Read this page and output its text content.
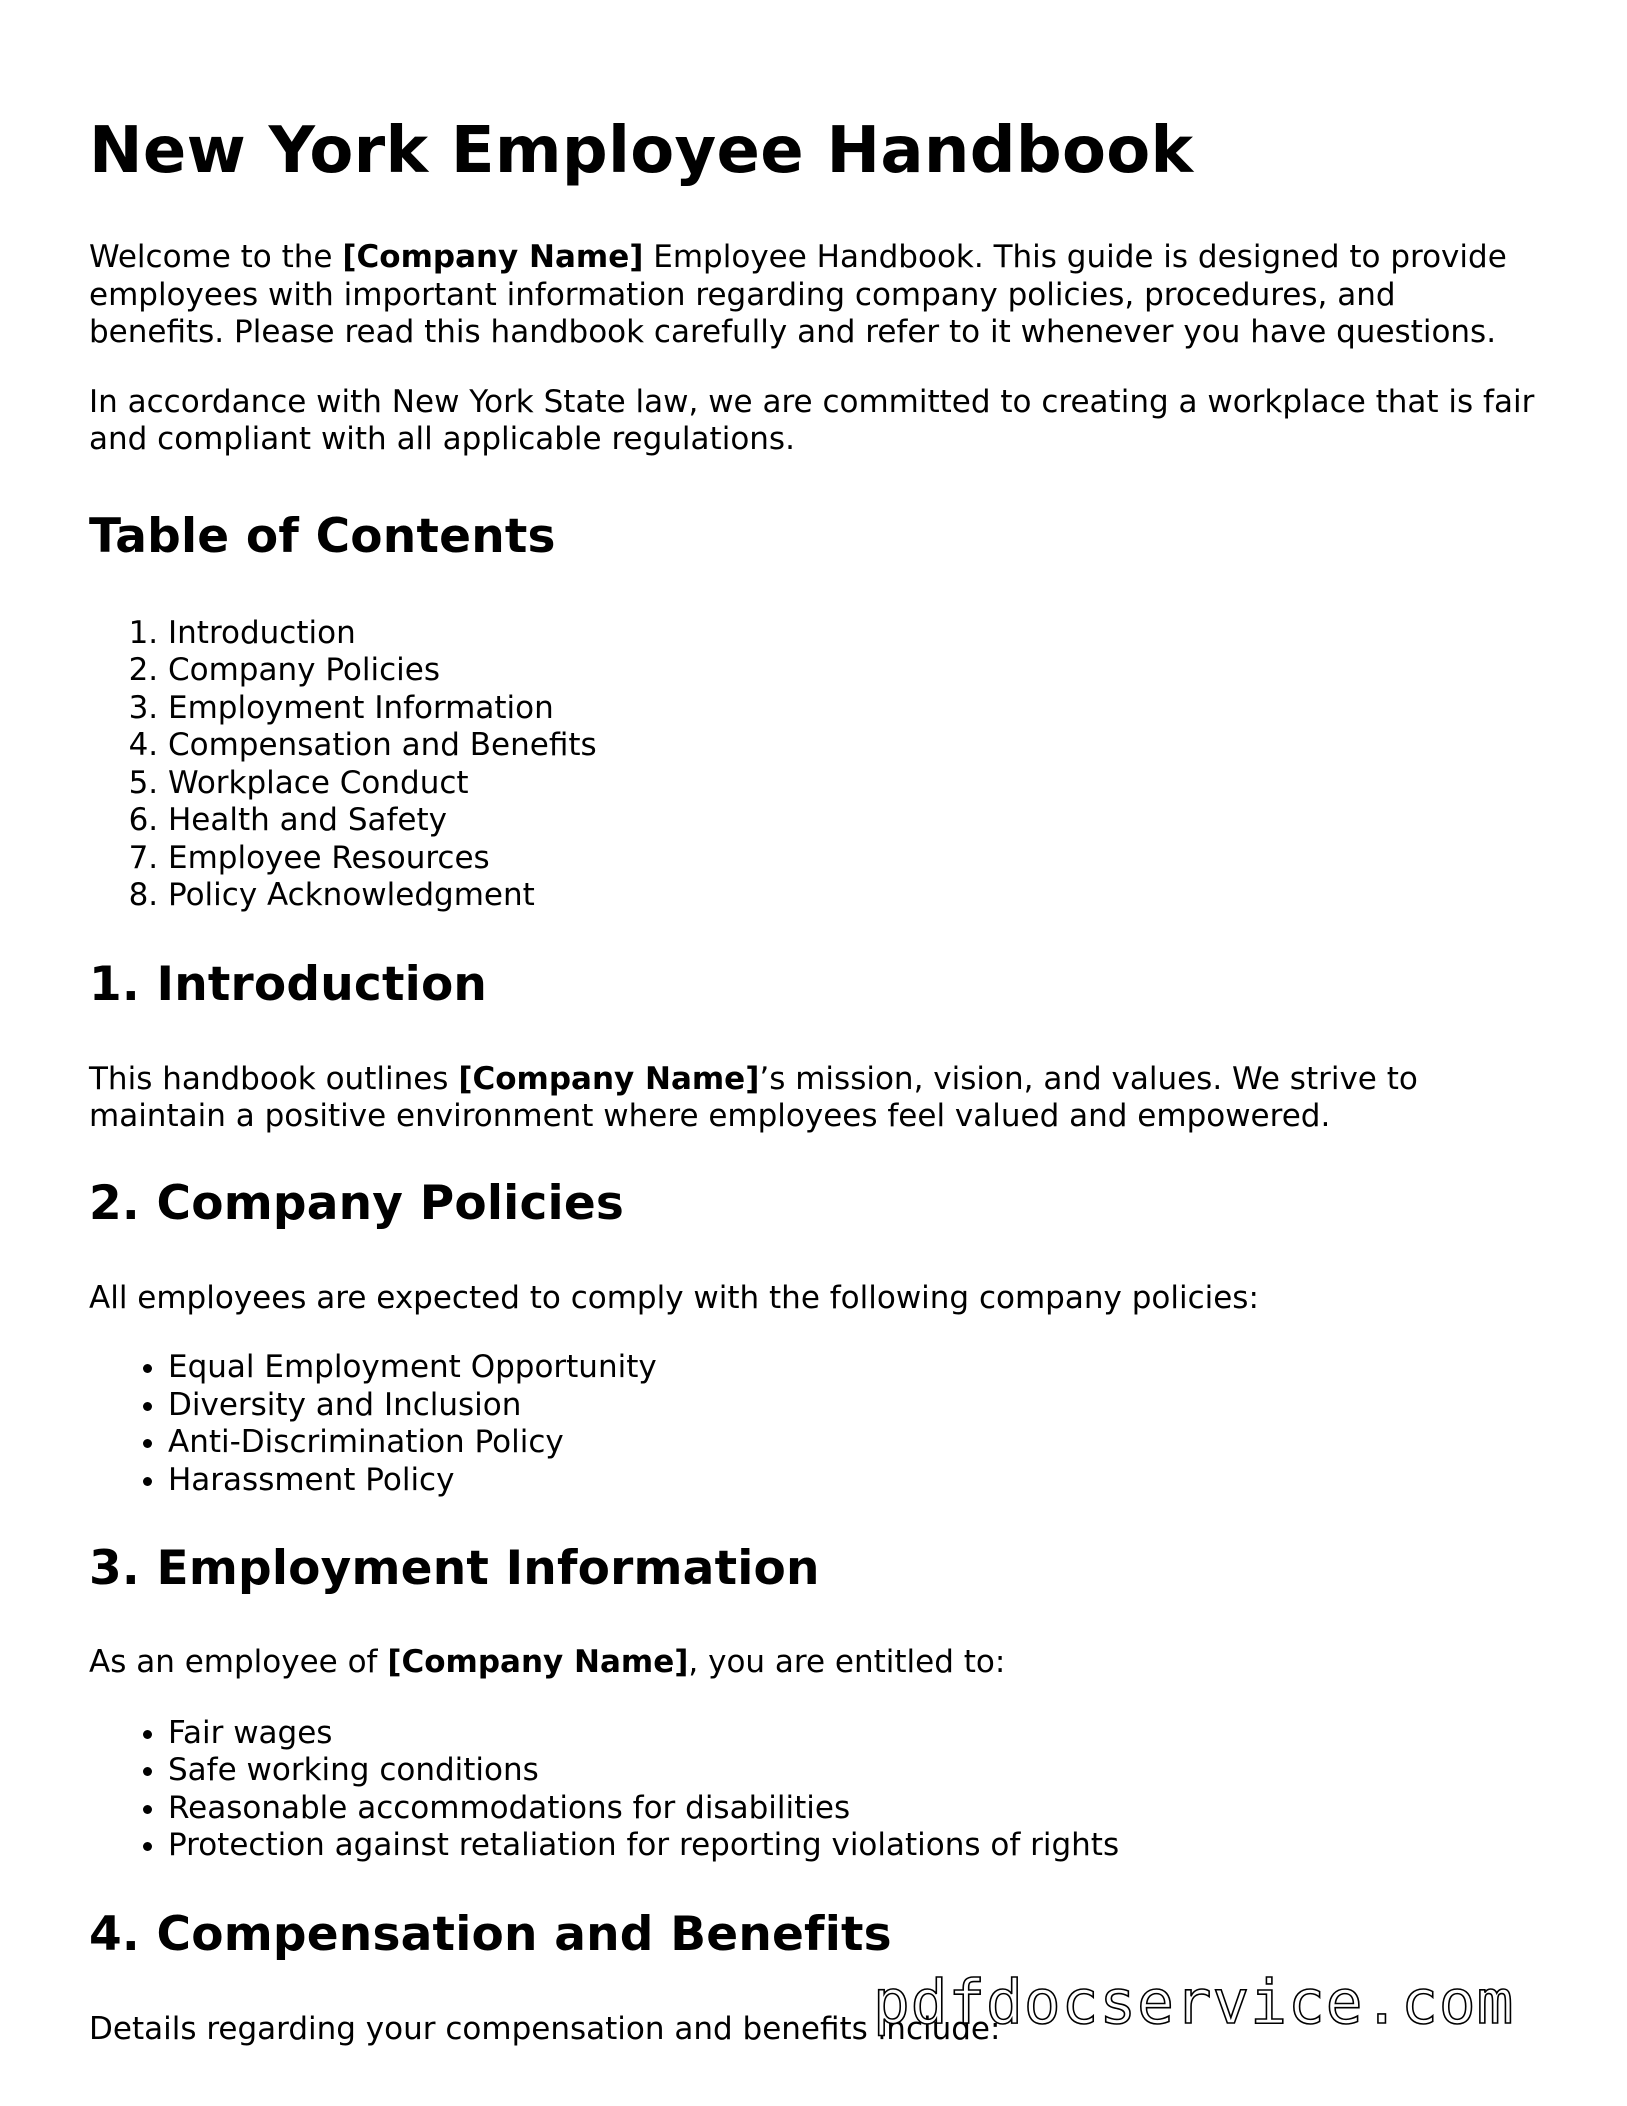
New York Employee Handbook

Welcome to the [Company Name] Employee Handbook. This guide is designed to provide employees with important information regarding company policies, procedures, and benefits. Please read this handbook carefully and refer to it whenever you have questions.

In accordance with New York State law, we are committed to creating a workplace that is fair and compliant with all applicable regulations.

Table of Contents
1. Introduction
2. Company Policies
3. Employment Information
4. Compensation and Benefits
5. Workplace Conduct
6. Health and Safety
7. Employee Resources
8. Policy Acknowledgment
1. Introduction

This handbook outlines [Company Name]’s mission, vision, and values. We strive to maintain a positive environment where employees feel valued and empowered.

2. Company Policies

All employees are expected to comply with the following company policies:

• Equal Employment Opportunity
• Diversity and Inclusion
• Anti-Discrimination Policy
• Harassment Policy
3. Employment Information

As an employee of [Company Name], you are entitled to:

• Fair wages
• Safe working conditions
• Reasonable accommodations for disabilities
• Protection against retaliation for reporting violations of rights
4. Compensation and Benefits

Details regarding your compensation and benefits include:

pdfdocservice.com
